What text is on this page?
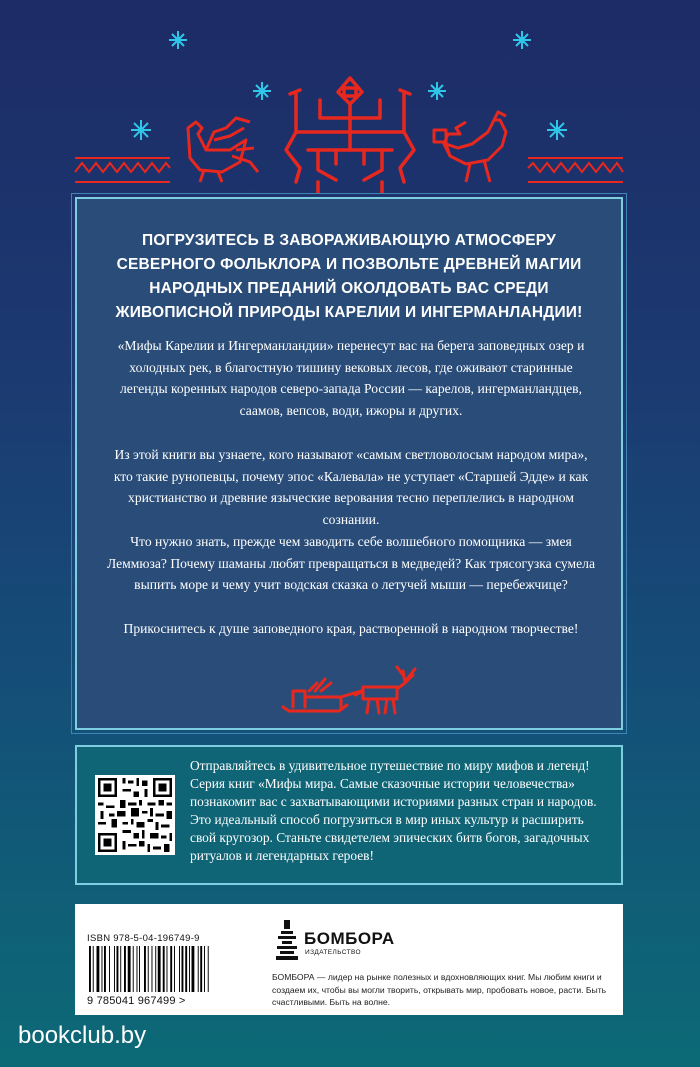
ПОГРУЗИТЕСЬ В ЗАВОРАЖИВАЮЩУЮ АТМОСФЕРУ СЕВЕРНОГО ФОЛЬКЛОРА И ПОЗВОЛЬТЕ ДРЕВНЕЙ МАГИИ НАРОДНЫХ ПРЕДАНИЙ ОКОЛДОВАТЬ ВАС СРЕДИ ЖИВОПИСНОЙ ПРИРОДЫ КАРЕЛИИ И ИНГЕРМАНЛАНДИИ!
«Мифы Карелии и Ингерманландии» перенесут вас на берега заповедных озер и холодных рек, в благостную тишину вековых лесов, где оживают старинные легенды коренных народов северо-запада России — карелов, ингерманландцев, саамов, вепсов, води, ижоры и других.
Из этой книги вы узнаете, кого называют «самым светловолосым народом мира», кто такие рунопевцы, почему эпос «Калевала» не уступает «Старшей Эдде» и как христианство и древние языческие верования тесно переплелись в народном сознании.
Что нужно знать, прежде чем заводить себе волшебного помощника — змея Леммюза? Почему шаманы любят превращаться в медведей? Как трясогузка сумела выпить море и чему учит водская сказка о летучей мыши — перебежчице?
Прикоснитесь к душе заповедного края, растворенной в народном творчестве!
Отправляйтесь в удивительное путешествие по миру мифов и легенд! Серия книг «Мифы мира. Самые сказочные истории человечества» познакомит вас с захватывающими историями разных стран и народов. Это идеальный способ погрузиться в мир иных культур и расширить свой кругозор. Станьте свидетелем эпических битв богов, загадочных ритуалов и легендарных героев!
ISBN 978-5-04-196749-9
9 785041 967499 >
БОМБОРА
ИЗДАТЕЛЬСТВО
БОМБОРА — лидер на рынке полезных и вдохновляющих книг. Мы любим книги и создаем их, чтобы вы могли творить, открывать мир, пробовать новое, расти. Быть счастливыми. Быть на волне.
bookclub.by
